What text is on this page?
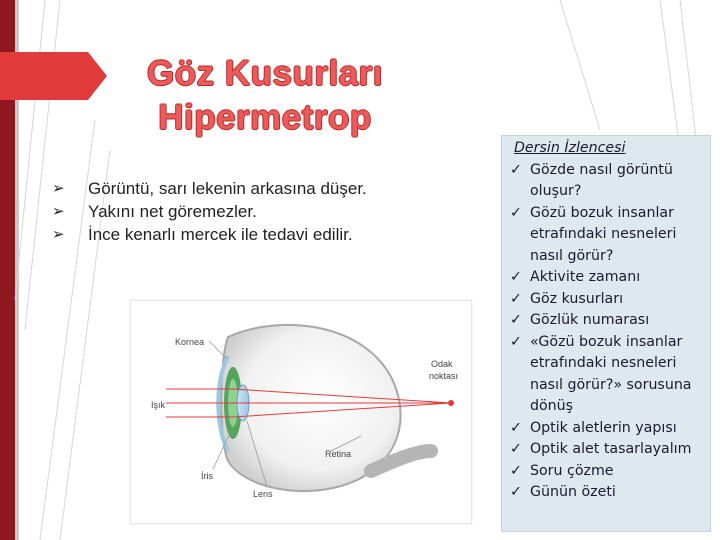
Göz Kusurları
Hipermetrop
➢ Görüntü, sarı lekenin arkasına düşer.
➢ Yakını net göremezler.
➢ İnce kenarlı mercek ile tedavi edilir.
Kornea
Işık
İris
Lens
Retina
Odak
noktası
Dersin İzlencesi
✓ Gözde nasıl görüntü oluşur?
✓ Gözü bozuk insanlar etrafındaki nesneleri nasıl görür?
✓ Aktivite zamanı
✓ Göz kusurları
✓ Gözlük numarası
✓ «Gözü bozuk insanlar etrafındaki nesneleri nasıl görür?» sorusuna dönüş
✓ Optik aletlerin yapısı
✓ Optik alet tasarlayalım
✓ Soru çözme
✓ Günün özeti
